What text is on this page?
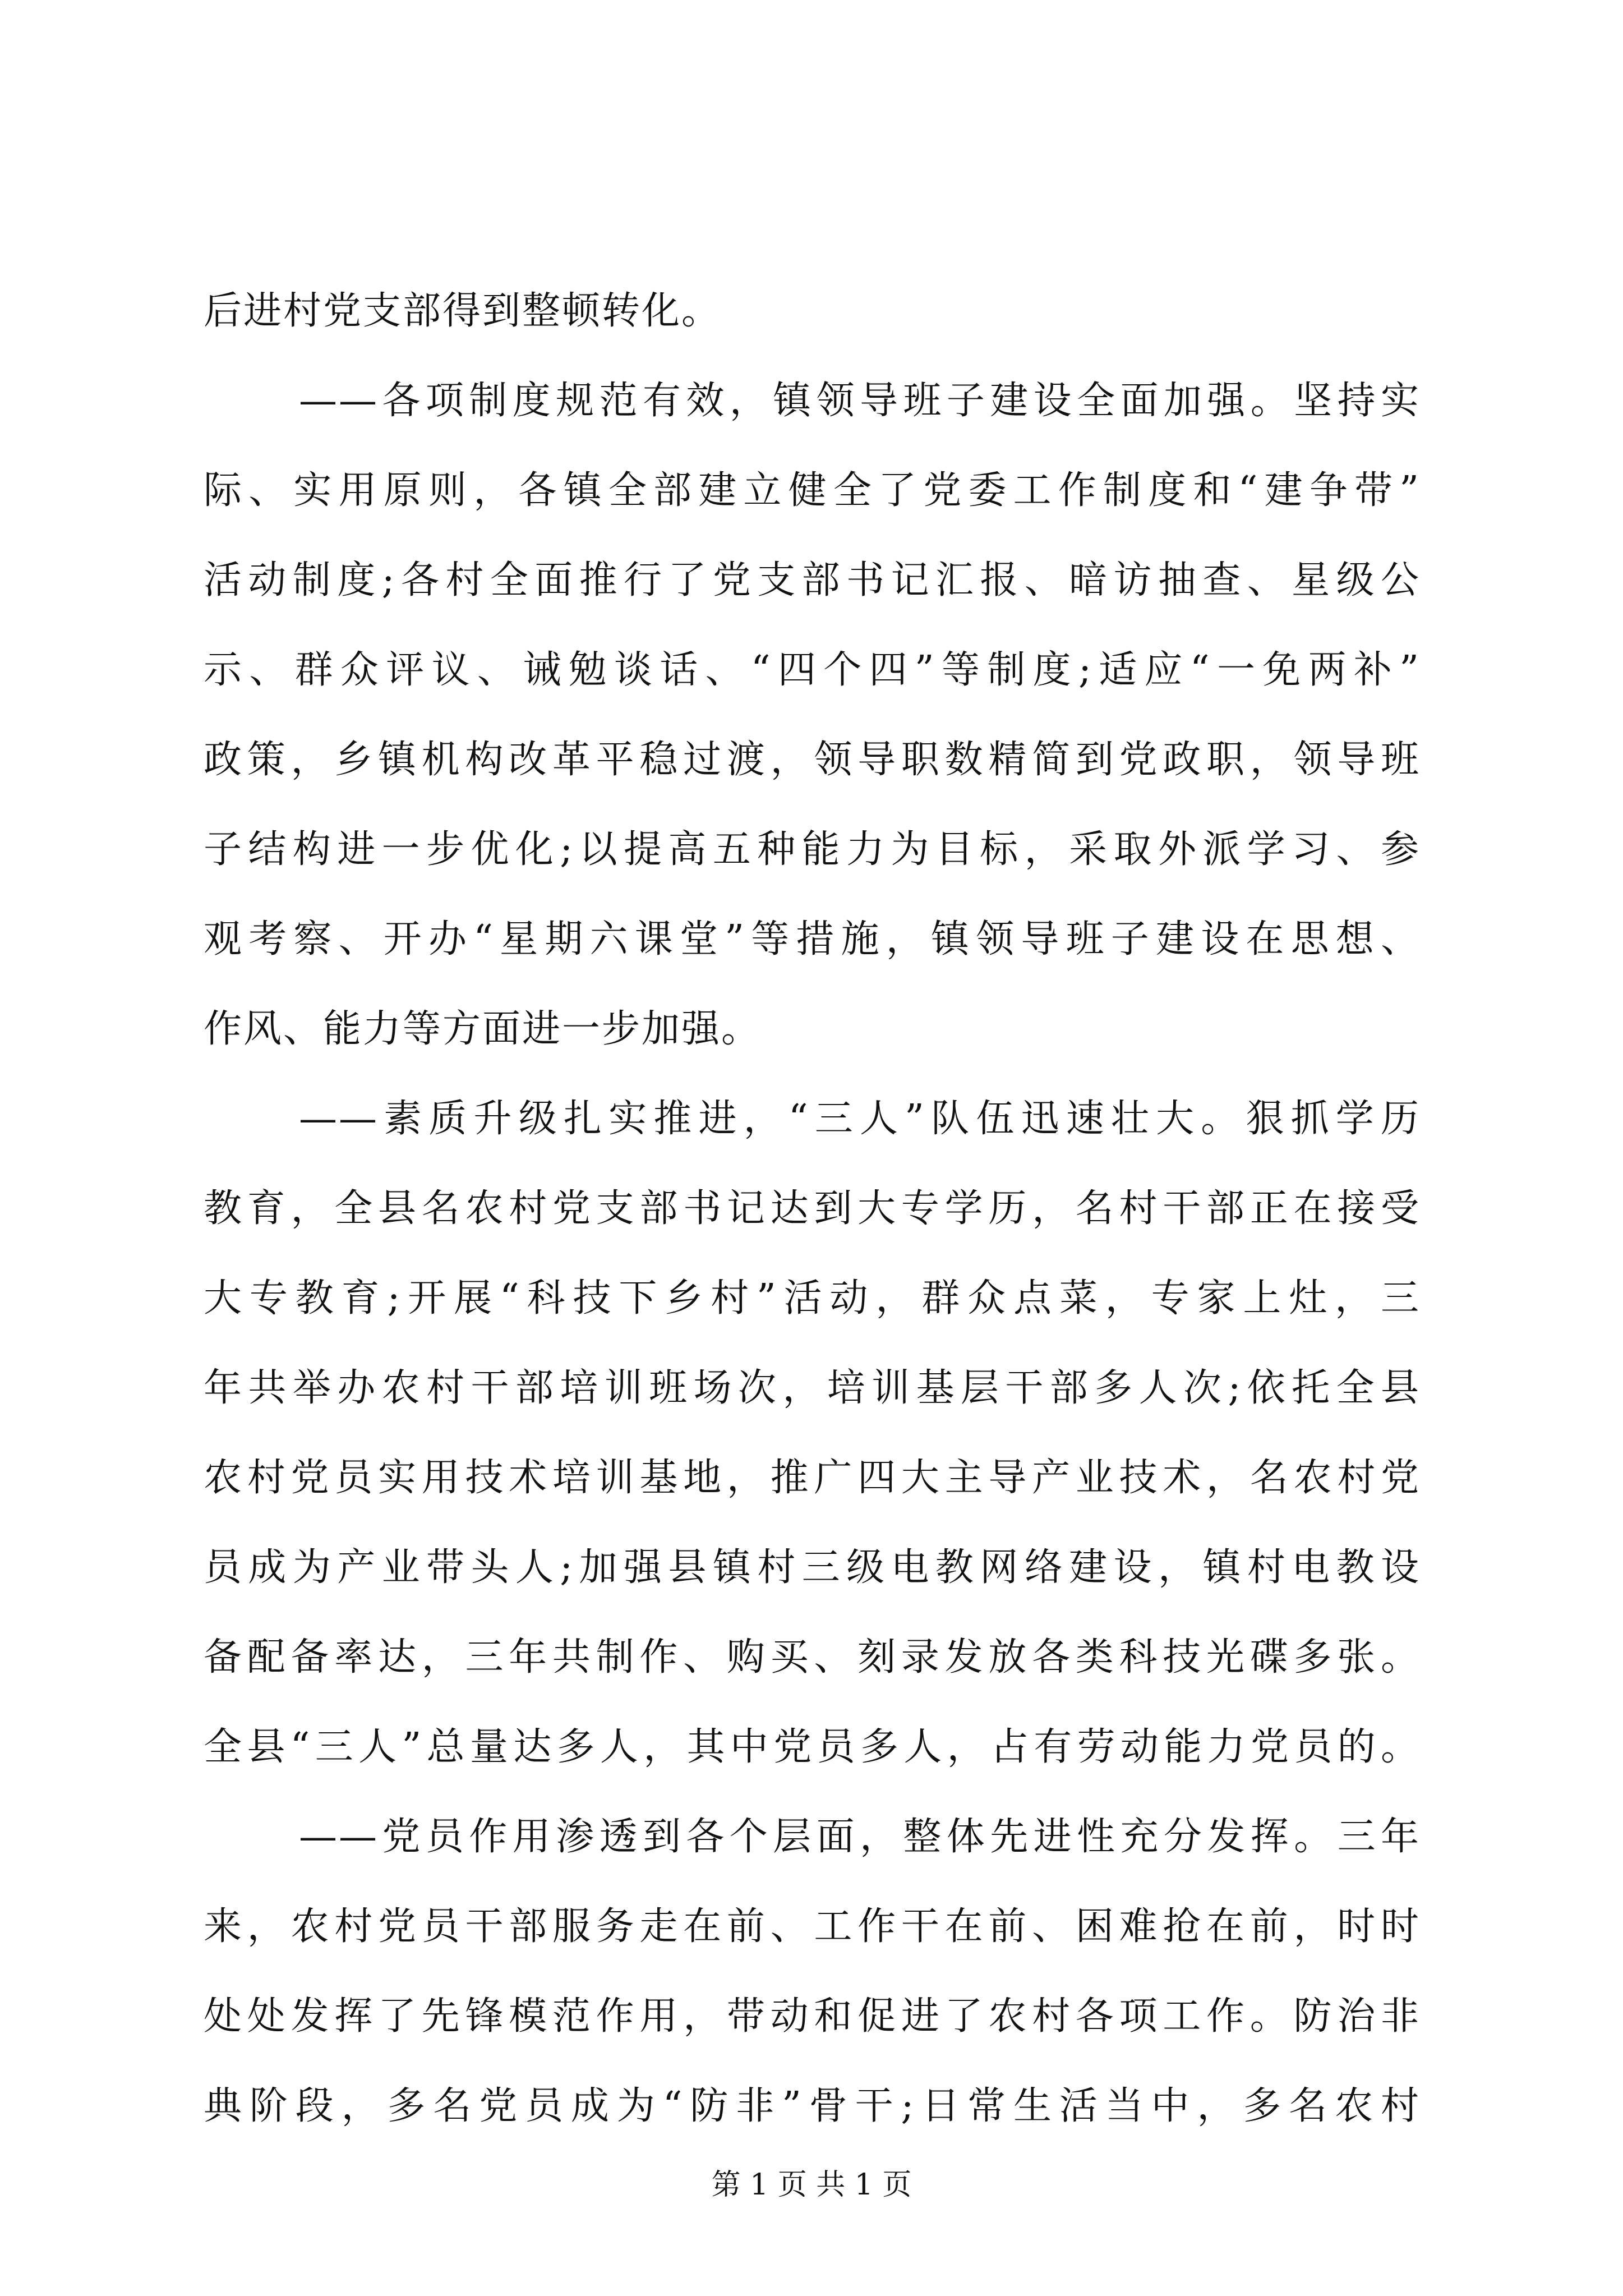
后进村党支部得到整顿转化。
——各项制度规范有效，镇领导班子建设全面加强。坚持实
际、实用原则，各镇全部建立健全了党委工作制度和“建争带”
活动制度;各村全面推行了党支部书记汇报、暗访抽查、星级公
示、群众评议、诫勉谈话、“四个四”等制度;适应“一免两补”
政策，乡镇机构改革平稳过渡，领导职数精简到党政职，领导班
子结构进一步优化;以提高五种能力为目标，采取外派学习、参
观考察、开办“星期六课堂”等措施，镇领导班子建设在思想、
作风、能力等方面进一步加强。
——素质升级扎实推进，“三人”队伍迅速壮大。狠抓学历
教育，全县名农村党支部书记达到大专学历，名村干部正在接受
大专教育;开展“科技下乡村”活动，群众点菜，专家上灶，三
年共举办农村干部培训班场次，培训基层干部多人次;依托全县
农村党员实用技术培训基地，推广四大主导产业技术，名农村党
员成为产业带头人;加强县镇村三级电教网络建设，镇村电教设
备配备率达，三年共制作、购买、刻录发放各类科技光碟多张。
全县“三人”总量达多人，其中党员多人，占有劳动能力党员的。
——党员作用渗透到各个层面，整体先进性充分发挥。三年
来，农村党员干部服务走在前、工作干在前、困难抢在前，时时
处处发挥了先锋模范作用，带动和促进了农村各项工作。防治非
典阶段，多名党员成为“防非”骨干;日常生活当中，多名农村
第 1 页 共 1 页
